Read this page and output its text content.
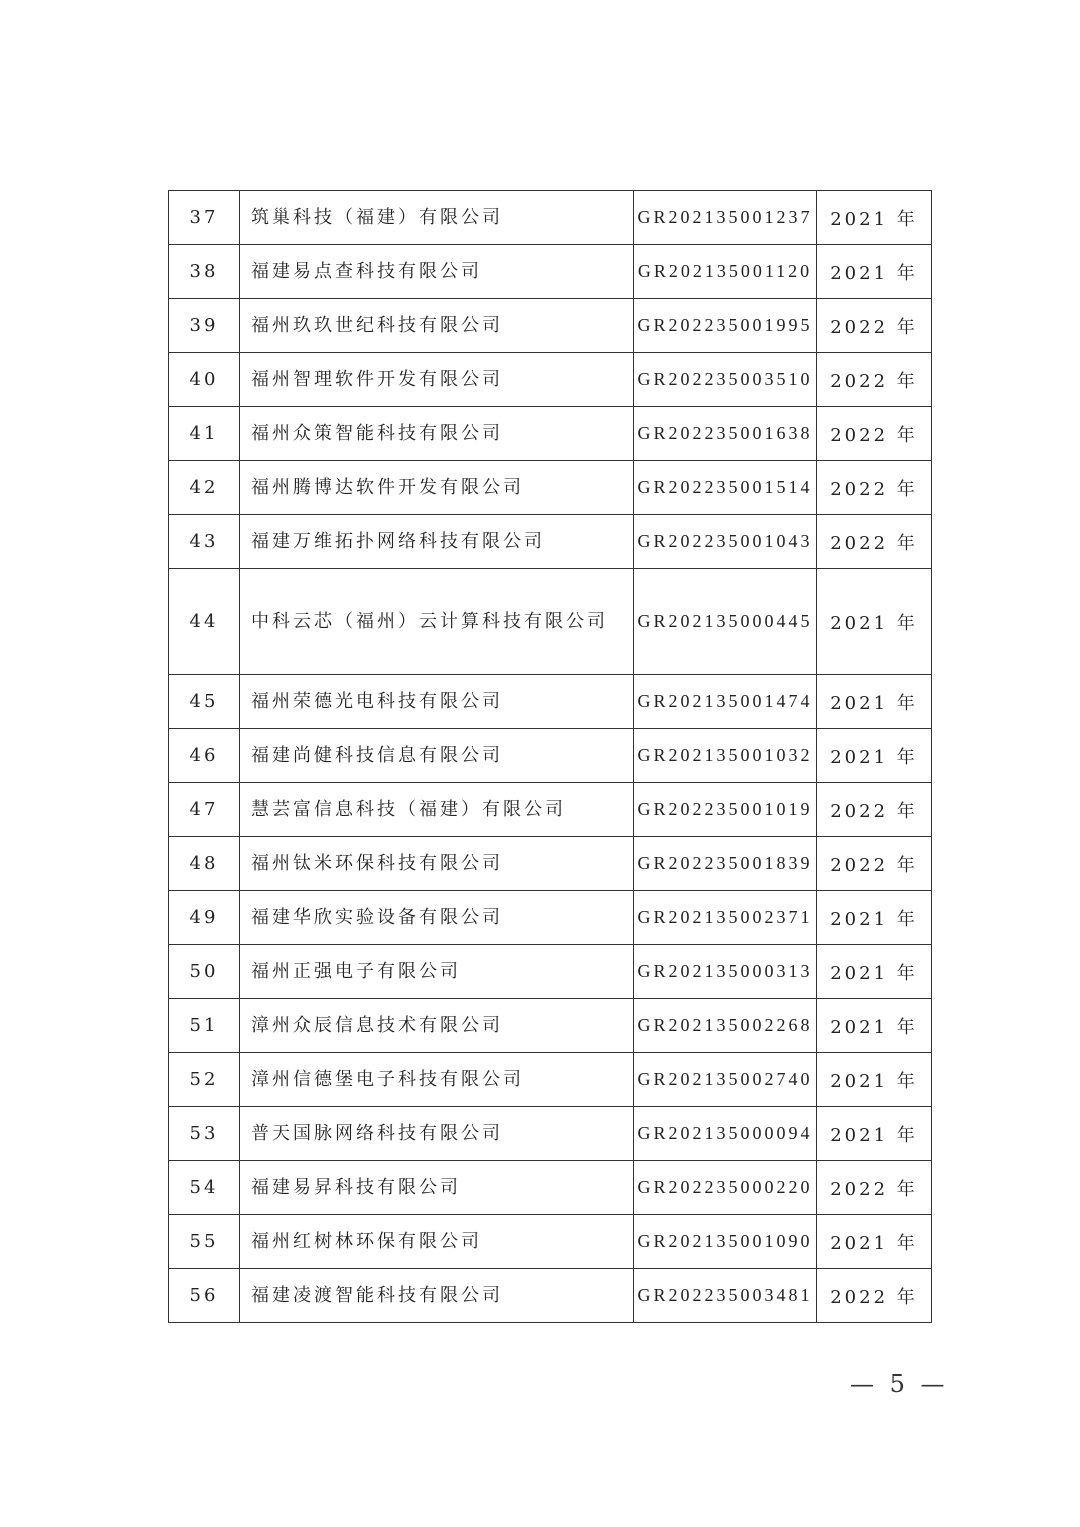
37	筑巢科技（福建）有限公司	GR202135001237	2021 年
38	福建易点查科技有限公司	GR202135001120	2021 年
39	福州玖玖世纪科技有限公司	GR202235001995	2022 年
40	福州智理软件开发有限公司	GR202235003510	2022 年
41	福州众策智能科技有限公司	GR202235001638	2022 年
42	福州腾博达软件开发有限公司	GR202235001514	2022 年
43	福建万维拓扑网络科技有限公司	GR202235001043	2022 年
44	中科云芯（福州）云计算科技有限公司	GR202135000445	2021 年
45	福州荣德光电科技有限公司	GR202135001474	2021 年
46	福建尚健科技信息有限公司	GR202135001032	2021 年
47	慧芸富信息科技（福建）有限公司	GR202235001019	2022 年
48	福州钛米环保科技有限公司	GR202235001839	2022 年
49	福建华欣实验设备有限公司	GR202135002371	2021 年
50	福州正强电子有限公司	GR202135000313	2021 年
51	漳州众辰信息技术有限公司	GR202135002268	2021 年
52	漳州信德堡电子科技有限公司	GR202135002740	2021 年
53	普天国脉网络科技有限公司	GR202135000094	2021 年
54	福建易昇科技有限公司	GR202235000220	2022 年
55	福州红树林环保有限公司	GR202135001090	2021 年
56	福建凌渡智能科技有限公司	GR202235003481	2022 年
— 5 —
